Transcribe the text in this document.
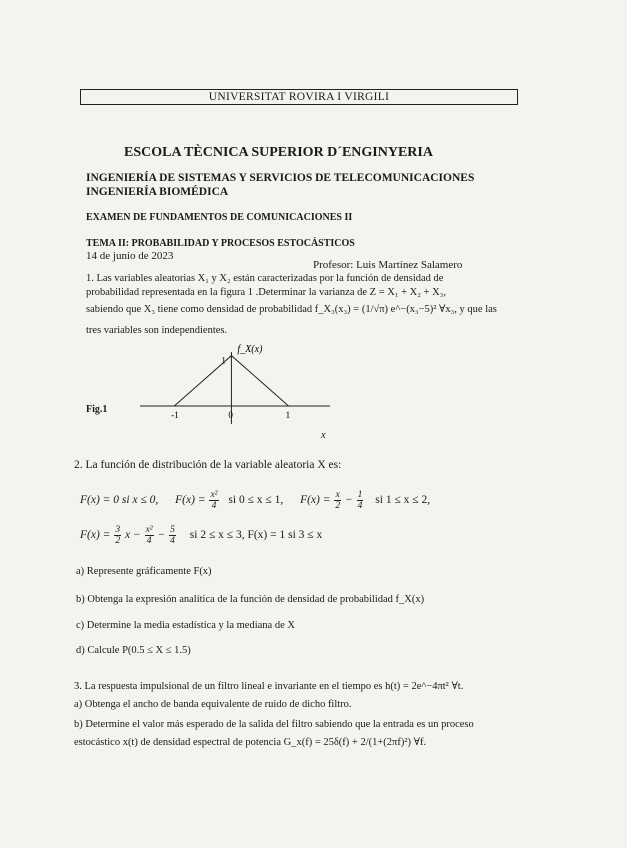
UNIVERSITAT ROVIRA I VIRGILI
ESCOLA TÈCNICA SUPERIOR D´ENGINYERIA
INGENIERÍA DE SISTEMAS Y SERVICIOS DE TELECOMUNICACIONES
INGENIERÍA BIOMÉDICA
EXAMEN DE FUNDAMENTOS DE COMUNICACIONES II
TEMA II: PROBABILIDAD Y PROCESOS ESTOCÁSTICOS
14 de junio de 2023
Profesor: Luis Martínez Salamero
1. Las variables aleatorias X₁ y X₂ están caracterizadas por la función de densidad de
probabilidad representada en la figura 1 .Determinar la varianza de Z = X₁ + X₂ + X₃,
sabiendo que X₃ tiene como densidad de probabilidad f_X₃(x₃) = (1/√π) e^−(x₃−5)² ∀x₃, y que las
tres variables son independientes.
Fig.1	-1	0	1
1
f_X(x)
x
2. La función de distribución de la variable aleatoria X es:
F(x) = 0 si x ≤ 0, $F(x) = \frac{\text{x²}}{4}$ si 0 ≤ x ≤ 1, $F(x) = \frac{x}{2} - \frac{1}{4}$ si 1 ≤ x ≤ 2,
$F(x) = \frac{3}{2}$ $x - \frac{\text{x²}}{4} - \frac{5}{4}$ si 2 ≤ x ≤ 3, F(x) = 1 si 3 ≤ x
a) Represente gráficamente F(x)
b) Obtenga la expresión analítica de la función de densidad de probabilidad f_X(x)
c) Determine la media estadística y la mediana de X
d) Calcule P(0.5 ≤ X ≤ 1.5)
3. La respuesta impulsional de un filtro lineal e invariante en el tiempo es h(t) = 2e^−4πt² ∀t.
a) Obtenga el ancho de banda equivalente de ruido de dicho filtro.
b) Determine el valor más esperado de la salida del filtro sabiendo que la entrada es un proceso
estocástico x(t) de densidad espectral de potencia G_x(f) = 25δ(f) + 2/(1+(2πf)²) ∀f.
